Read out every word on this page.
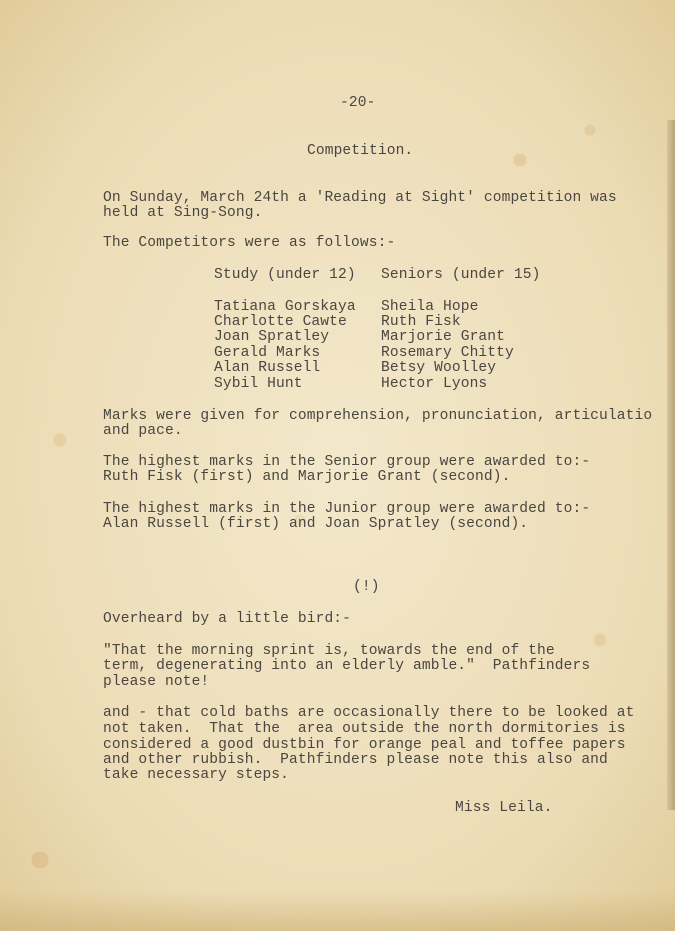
-20-
Competition.
On Sunday, March 24th a 'Reading at Sight' competition was
held at Sing-Song.
The Competitors were as follows:-
Study (under 12) Seniors (under 15)
Tatiana Gorskaya
Charlotte Cawte
Joan Spratley
Gerald Marks
Alan Russell
Sybil Hunt
Sheila Hope
Ruth Fisk
Marjorie Grant
Rosemary Chitty
Betsy Woolley
Hector Lyons
Marks were given for comprehension, pronunciation, articulatio
and pace.
The highest marks in the Senior group were awarded to:-
Ruth Fisk (first) and Marjorie Grant (second).
The highest marks in the Junior group were awarded to:-
Alan Russell (first) and Joan Spratley (second).
(!)
Overheard by a little bird:-
"That the morning sprint is, towards the end of the
term, degenerating into an elderly amble."  Pathfinders
please note!
and - that cold baths are occasionally there to be looked at
not taken.  That the  area outside the north dormitories is
considered a good dustbin for orange peal and toffee papers
and other rubbish.  Pathfinders please note this also and
take necessary steps.
Miss Leila.
